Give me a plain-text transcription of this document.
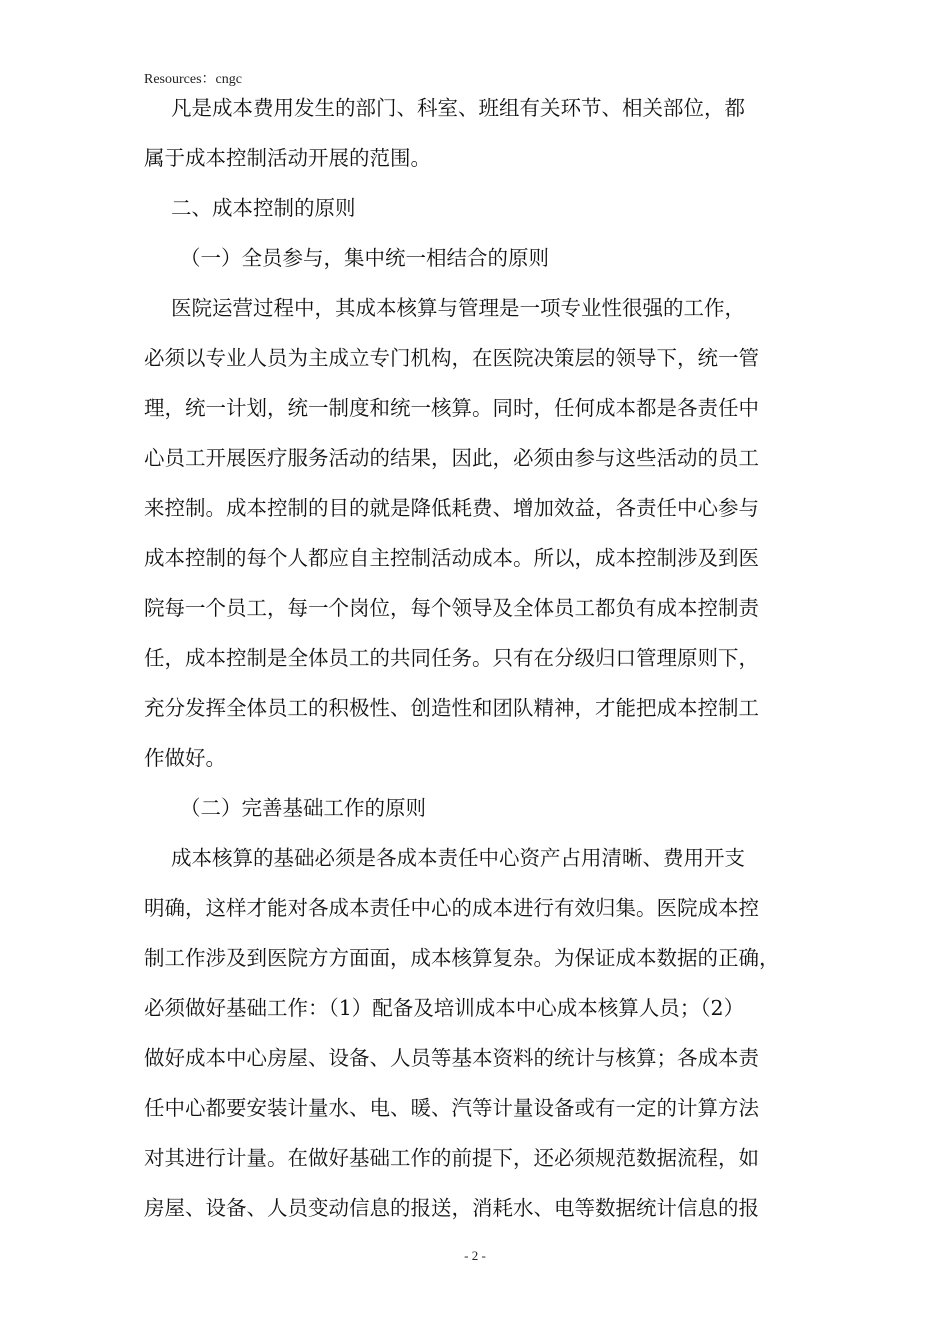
Resources：cngc
凡是成本费用发生的部门、科室、班组有关环节、相关部位，都
属于成本控制活动开展的范围。
二、成本控制的原则
（一）全员参与，集中统一相结合的原则
医院运营过程中，其成本核算与管理是一项专业性很强的工作，
必须以专业人员为主成立专门机构，在医院决策层的领导下，统一管
理，统一计划，统一制度和统一核算。同时，任何成本都是各责任中
心员工开展医疗服务活动的结果，因此，必须由参与这些活动的员工
来控制。成本控制的目的就是降低耗费、增加效益，各责任中心参与
成本控制的每个人都应自主控制活动成本。所以，成本控制涉及到医
院每一个员工，每一个岗位，每个领导及全体员工都负有成本控制责
任，成本控制是全体员工的共同任务。只有在分级归口管理原则下，
充分发挥全体员工的积极性、创造性和团队精神，才能把成本控制工
作做好。
（二）完善基础工作的原则
成本核算的基础必须是各成本责任中心资产占用清晰、费用开支
明确，这样才能对各成本责任中心的成本进行有效归集。医院成本控
制工作涉及到医院方方面面，成本核算复杂。为保证成本数据的正确，
必须做好基础工作：（1）配备及培训成本中心成本核算人员；（2）
做好成本中心房屋、设备、人员等基本资料的统计与核算；各成本责
任中心都要安装计量水、电、暖、汽等计量设备或有一定的计算方法
对其进行计量。在做好基础工作的前提下，还必须规范数据流程，如
房屋、设备、人员变动信息的报送，消耗水、电等数据统计信息的报
- 2 -
